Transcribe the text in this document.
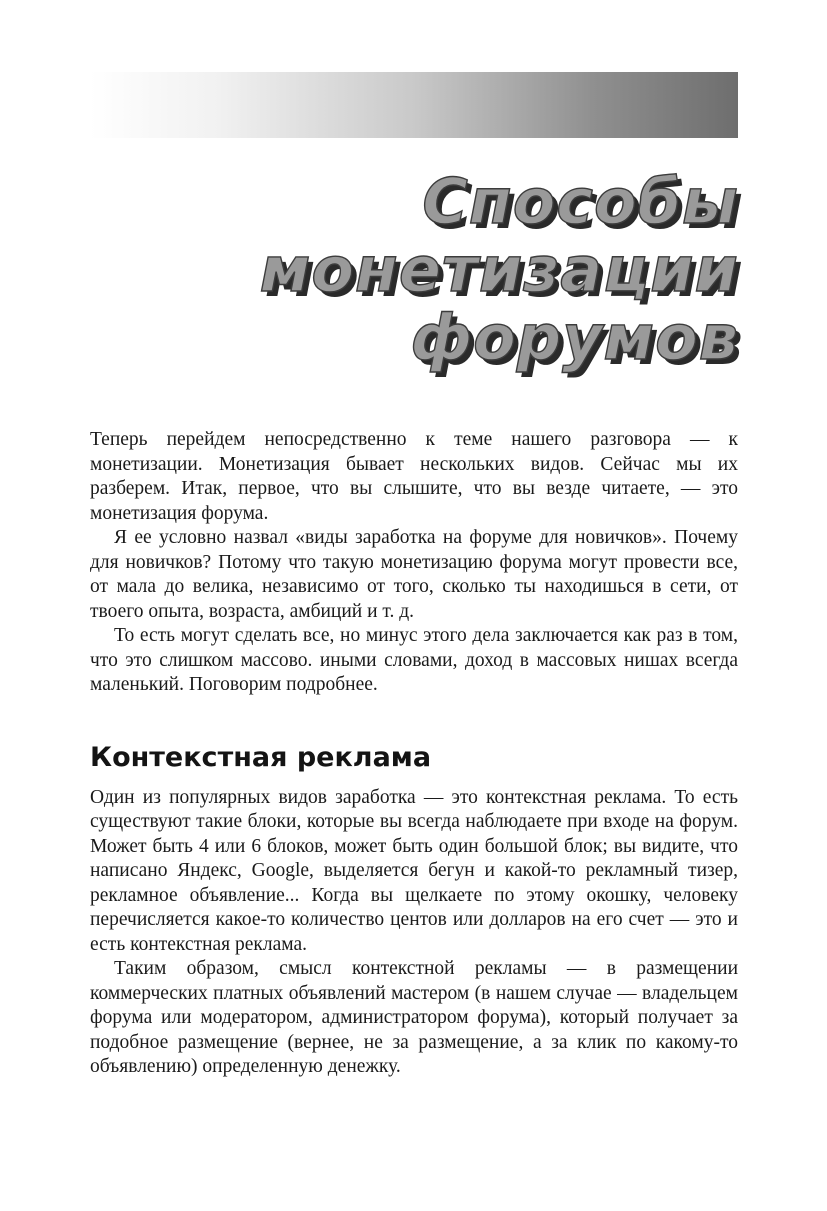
Способы
монетизации
форумов

Теперь перейдем непосредственно к теме нашего разговора — к монетизации. Монетизация бывает нескольких видов. Сейчас мы их разберем. Итак, первое, что вы слышите, что вы везде читаете, — это монетизация форума.

Я ее условно назвал «виды заработка на форуме для новичков». Почему для новичков? Потому что такую монетизацию форума могут провести все, от мала до велика, независимо от того, сколько ты находишься в сети, от твоего опыта, возраста, амбиций и т. д.

То есть могут сделать все, но минус этого дела заключается как раз в том, что это слишком массово. иными словами, доход в массовых нишах всегда маленький. Поговорим подробнее.

Контекстная реклама

Один из популярных видов заработка — это контекстная реклама. То есть существуют такие блоки, которые вы всегда наблюдаете при входе на форум. Может быть 4 или 6 блоков, может быть один большой блок; вы видите, что написано Яндекс, Google, выделяется бегун и какой-то рекламный тизер, рекламное объявление... Когда вы щелкаете по этому окошку, человеку перечисляется какое-то количество центов или долларов на его счет — это и есть контекстная реклама.

Таким образом, смысл контекстной рекламы — в размещении коммерческих платных объявлений мастером (в нашем случае — владельцем форума или модератором, администратором форума), который получает за подобное размещение (вернее, не за размещение, а за клик по какому-то объявлению) определенную денежку.
